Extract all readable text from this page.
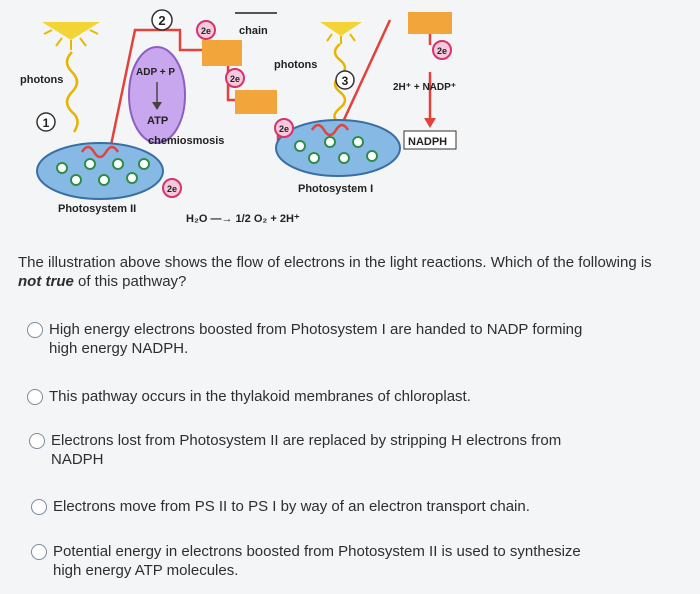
2e
2e
2e
2e
2e
1
2
3
chain
photons
photons
ADP + P
ATP
chemiosmosis
2H⁺ + NADP⁺
NADPH
Photosystem II
Photosystem I
H₂O —→ 1/2 O₂ + 2H⁺
The illustration above shows the flow of electrons in the light reactions. Which of the following is not true of this pathway?
High energy electrons boosted from Photosystem I are handed to NADP forming high energy NADPH.
This pathway occurs in the thylakoid membranes of chloroplast.
Electrons lost from Photosystem II are replaced by stripping H electrons from NADPH
Electrons move from PS II to PS I by way of an electron transport chain.
Potential energy in electrons boosted from Photosystem II is used to synthesize high energy ATP molecules.
